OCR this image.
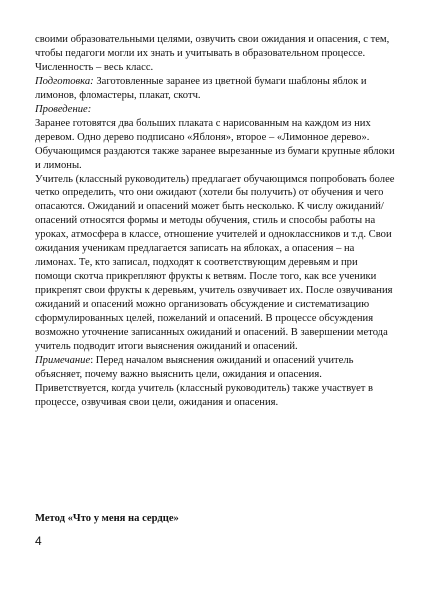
своими образовательными целями, озвучить свои ожидания и опасения, с тем, чтобы педагоги могли их знать и учитывать в образовательном процессе.

Численность – весь класс.

Подготовка: Заготовленные заранее из цветной бумаги шаблоны яблок и лимонов, фломастеры, плакат, скотч.

Проведение:

Заранее готовятся два больших плаката с нарисованным на каждом из них деревом. Одно дерево подписано «Яблоня», второе – «Лимонное дерево». Обучающимся раздаются также заранее вырезанные из бумаги крупные яблоки и лимоны.

Учитель (классный руководитель) предлагает обучающимся попробовать более четко определить, что они ожидают (хотели бы получить) от обучения и чего опасаются. Ожиданий и опасений может быть несколько. К числу ожиданий/опасений относятся формы и методы обучения, стиль и способы работы на уроках, атмосфера в классе, отношение учителей и одноклассников и т.д. Свои ожидания ученикам предлагается записать на яблоках, а опасения – на лимонах. Те, кто записал, подходят к соответствующим деревьям и при помощи скотча прикрепляют фрукты к ветвям. После того, как все ученики прикрепят свои фрукты к деревьям, учитель озвучивает их. После озвучивания ожиданий и опасений можно организовать обсуждение и систематизацию сформулированных целей, пожеланий и опасений. В процессе обсуждения возможно уточнение записанных ожиданий и опасений. В завершении метода учитель подводит итоги выяснения ожиданий и опасений.

Примечание: Перед началом выяснения ожиданий и опасений учитель объясняет, почему важно выяснить цели, ожидания и опасения. Приветствуется, когда учитель (классный руководитель) также участвует в процессе, озвучивая свои цели, ожидания и опасения.

Метод «Что у меня на сердце»

4
